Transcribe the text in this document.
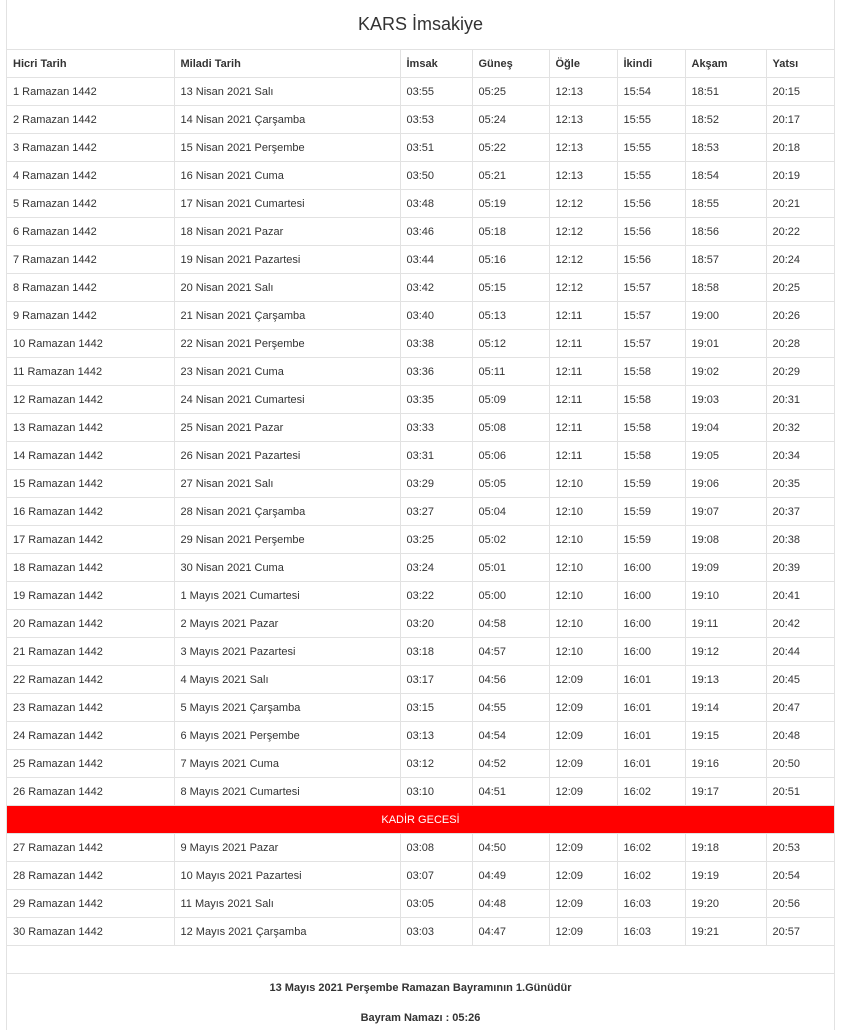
KARS İmsakiye
Hicri Tarih	Miladi Tarih	İmsak	Güneş	Öğle	İkindi	Akşam	Yatsı
1 Ramazan 1442	13 Nisan 2021 Salı	03:55	05:25	12:13	15:54	18:51	20:15
2 Ramazan 1442	14 Nisan 2021 Çarşamba	03:53	05:24	12:13	15:55	18:52	20:17
3 Ramazan 1442	15 Nisan 2021 Perşembe	03:51	05:22	12:13	15:55	18:53	20:18
4 Ramazan 1442	16 Nisan 2021 Cuma	03:50	05:21	12:13	15:55	18:54	20:19
5 Ramazan 1442	17 Nisan 2021 Cumartesi	03:48	05:19	12:12	15:56	18:55	20:21
6 Ramazan 1442	18 Nisan 2021 Pazar	03:46	05:18	12:12	15:56	18:56	20:22
7 Ramazan 1442	19 Nisan 2021 Pazartesi	03:44	05:16	12:12	15:56	18:57	20:24
8 Ramazan 1442	20 Nisan 2021 Salı	03:42	05:15	12:12	15:57	18:58	20:25
9 Ramazan 1442	21 Nisan 2021 Çarşamba	03:40	05:13	12:11	15:57	19:00	20:26
10 Ramazan 1442	22 Nisan 2021 Perşembe	03:38	05:12	12:11	15:57	19:01	20:28
11 Ramazan 1442	23 Nisan 2021 Cuma	03:36	05:11	12:11	15:58	19:02	20:29
12 Ramazan 1442	24 Nisan 2021 Cumartesi	03:35	05:09	12:11	15:58	19:03	20:31
13 Ramazan 1442	25 Nisan 2021 Pazar	03:33	05:08	12:11	15:58	19:04	20:32
14 Ramazan 1442	26 Nisan 2021 Pazartesi	03:31	05:06	12:11	15:58	19:05	20:34
15 Ramazan 1442	27 Nisan 2021 Salı	03:29	05:05	12:10	15:59	19:06	20:35
16 Ramazan 1442	28 Nisan 2021 Çarşamba	03:27	05:04	12:10	15:59	19:07	20:37
17 Ramazan 1442	29 Nisan 2021 Perşembe	03:25	05:02	12:10	15:59	19:08	20:38
18 Ramazan 1442	30 Nisan 2021 Cuma	03:24	05:01	12:10	16:00	19:09	20:39
19 Ramazan 1442	1 Mayıs 2021 Cumartesi	03:22	05:00	12:10	16:00	19:10	20:41
20 Ramazan 1442	2 Mayıs 2021 Pazar	03:20	04:58	12:10	16:00	19:11	20:42
21 Ramazan 1442	3 Mayıs 2021 Pazartesi	03:18	04:57	12:10	16:00	19:12	20:44
22 Ramazan 1442	4 Mayıs 2021 Salı	03:17	04:56	12:09	16:01	19:13	20:45
23 Ramazan 1442	5 Mayıs 2021 Çarşamba	03:15	04:55	12:09	16:01	19:14	20:47
24 Ramazan 1442	6 Mayıs 2021 Perşembe	03:13	04:54	12:09	16:01	19:15	20:48
25 Ramazan 1442	7 Mayıs 2021 Cuma	03:12	04:52	12:09	16:01	19:16	20:50
26 Ramazan 1442	8 Mayıs 2021 Cumartesi	03:10	04:51	12:09	16:02	19:17	20:51
KADİR GECESİ							
27 Ramazan 1442	9 Mayıs 2021 Pazar	03:08	04:50	12:09	16:02	19:18	20:53
28 Ramazan 1442	10 Mayıs 2021 Pazartesi	03:07	04:49	12:09	16:02	19:19	20:54
29 Ramazan 1442	11 Mayıs 2021 Salı	03:05	04:48	12:09	16:03	19:20	20:56
30 Ramazan 1442	12 Mayıs 2021 Çarşamba	03:03	04:47	12:09	16:03	19:21	20:57
13 Mayıs 2021 Perşembe Ramazan Bayramının 1.Günüdür
Bayram Namazı : 05:26
